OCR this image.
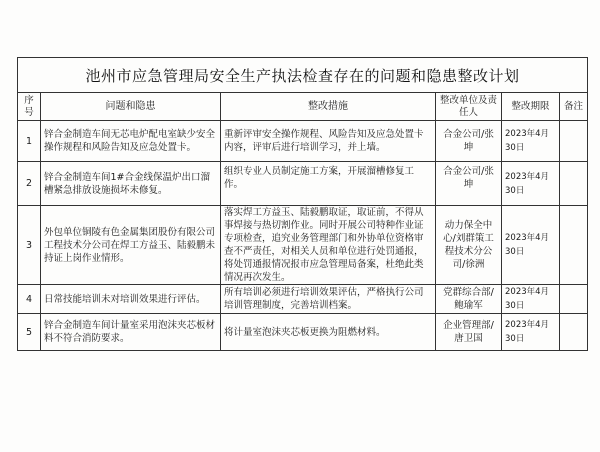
池州市应急管理局安全生产执法检查存在的问题和隐患整改计划					
序号	问题和隐患	整改措施	整改单位及责任人	整改期限	备注
1	锌合金制造车间无芯电炉配电室缺少安全操作规程和风险告知及应急处置卡。	重新评审安全操作规程、风险告知及应急处置卡内容，评审后进行培训学习，并上墙。	合金公司/张坤	2023年4月30日	
2	锌合金制造车间1#合金线保温炉出口溜槽紧急排放设施损坏未修复。	组织专业人员制定施工方案，开展溜槽修复工作。	合金公司/张坤	2023年4月30日	
3	外包单位铜陵有色金属集团股份有限公司工程技术分公司在焊工方益玉、陆毅鹏未持证上岗作业情形。	落实焊工方益玉、陆毅鹏取证，取证前，不得从事焊接与热切割作业。同时开展公司特种作业证专项检查，追究业务管理部门和外协单位资格审查不严责任，对相关人员和单位进行处罚通报，将处罚通报情况报市应急管理局备案，杜绝此类情况再次发生。	动力保全中心/刘群策工程技术分公司/徐洲	2023年4月30日	
4	日常技能培训未对培训效果进行评估。	所有培训必须进行培训效果评估，严格执行公司培训管理制度，完善培训档案。	党群综合部/鲍瑜军	2023年4月30日	
5	锌合金制造车间计量室采用泡沫夹芯板材料不符合消防要求。	将计量室泡沫夹芯板更换为阻燃材料。	企业管理部/唐卫国	2023年4月30日	
